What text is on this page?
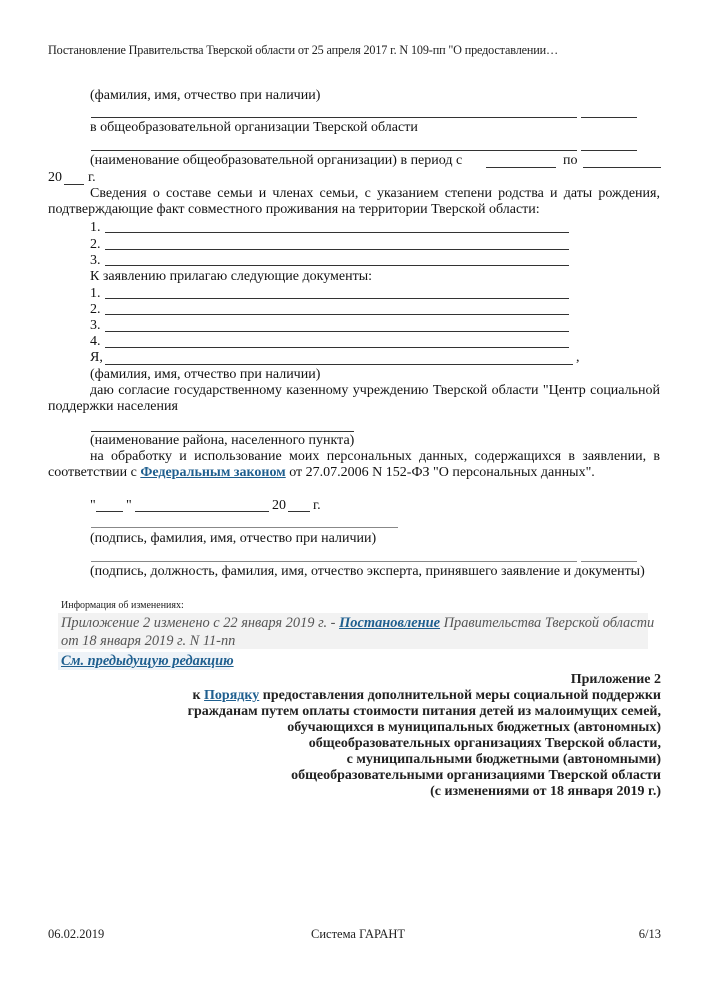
Постановление Правительства Тверской области от 25 апреля 2017 г. N 109-пп "О предоставлении…
(фамилия, имя, отчество при наличии)
в общеобразовательной организации Тверской области
(наименование общеобразовательной организации) в период с	по
20 г.
Сведения о составе семьи и членах семьи, с указанием степени родства и даты рождения, подтверждающие факт совместного проживания на территории Тверской области:
1.
2.
3.
К заявлению прилагаю следующие документы:
1.
2.
3.
4.
Я,	,
(фамилия, имя, отчество при наличии)
даю согласие государственному казенному учреждению Тверской области "Центр социальной поддержки населения
(наименование района, населенного пункта)
на обработку и использование моих персональных данных, содержащихся в заявлении, в соответствии с Федеральным законом от 27.07.2006 N 152-ФЗ "О персональных данных".
" "	20 г.
(подпись, фамилия, имя, отчество при наличии)
(подпись, должность, фамилия, имя, отчество эксперта, принявшего заявление и документы)
Информация об изменениях:
Приложение 2 изменено с 22 января 2019 г. - Постановление Правительства Тверской области
от 18 января 2019 г. N 11-пп
См. предыдущую редакцию
Приложение 2
к Порядку предоставления дополнительной меры социальной поддержки
гражданам путем оплаты стоимости питания детей из малоимущих семей,
обучающихся в муниципальных бюджетных (автономных)
общеобразовательных организациях Тверской области,
с муниципальными бюджетными (автономными)
общеобразовательными организациями Тверской области
(с изменениями от 18 января 2019 г.)
06.02.2019	Система ГАРАНТ	6/13
